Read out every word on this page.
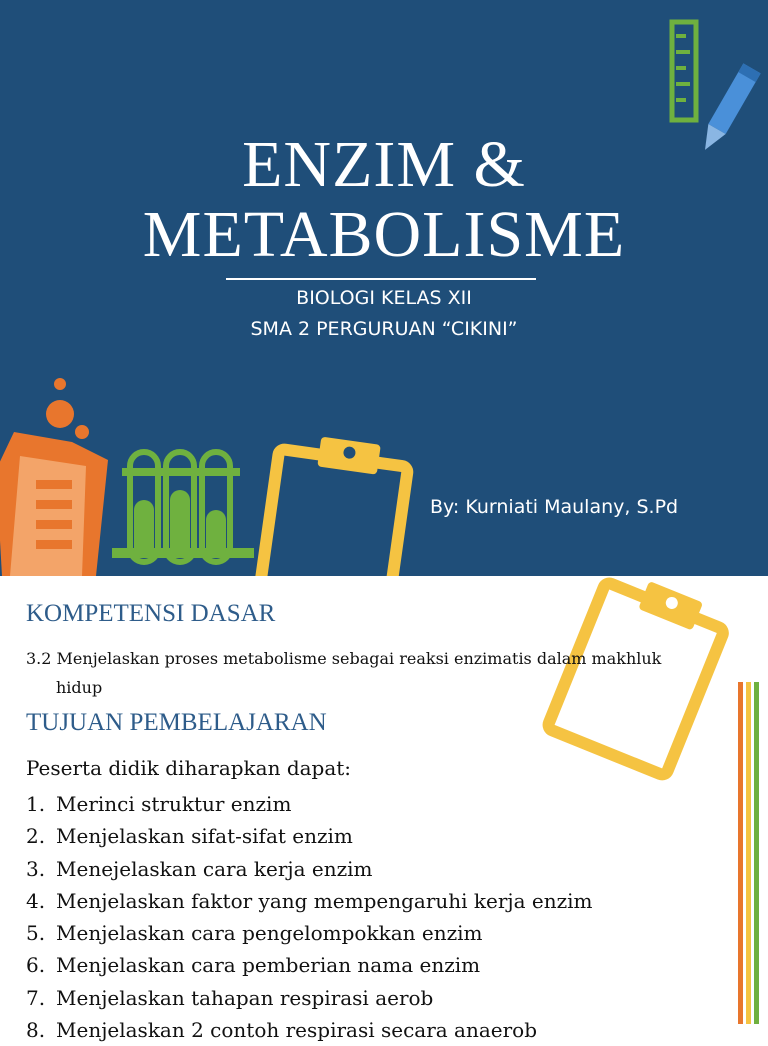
ENZIM &
METABOLISME
BIOLOGI KELAS XII
SMA 2 PERGURUAN “CIKINI”
By: Kurniati Maulany, S.Pd
KOMPETENSI DASAR
3.2 Menjelaskan proses metabolisme sebagai reaksi enzimatis dalam makhluk
hidup
TUJUAN PEMBELAJARAN
Peserta didik diharapkan dapat:
1. Merinci struktur enzim
2. Menjelaskan sifat-sifat enzim
3. Menejelaskan cara kerja enzim
4. Menjelaskan faktor yang mempengaruhi kerja enzim
5. Menjelaskan cara pengelompokkan enzim
6. Menjelaskan cara pemberian nama enzim
7. Menjelaskan tahapan respirasi aerob
8. Menjelaskan 2 contoh respirasi secara anaerob
